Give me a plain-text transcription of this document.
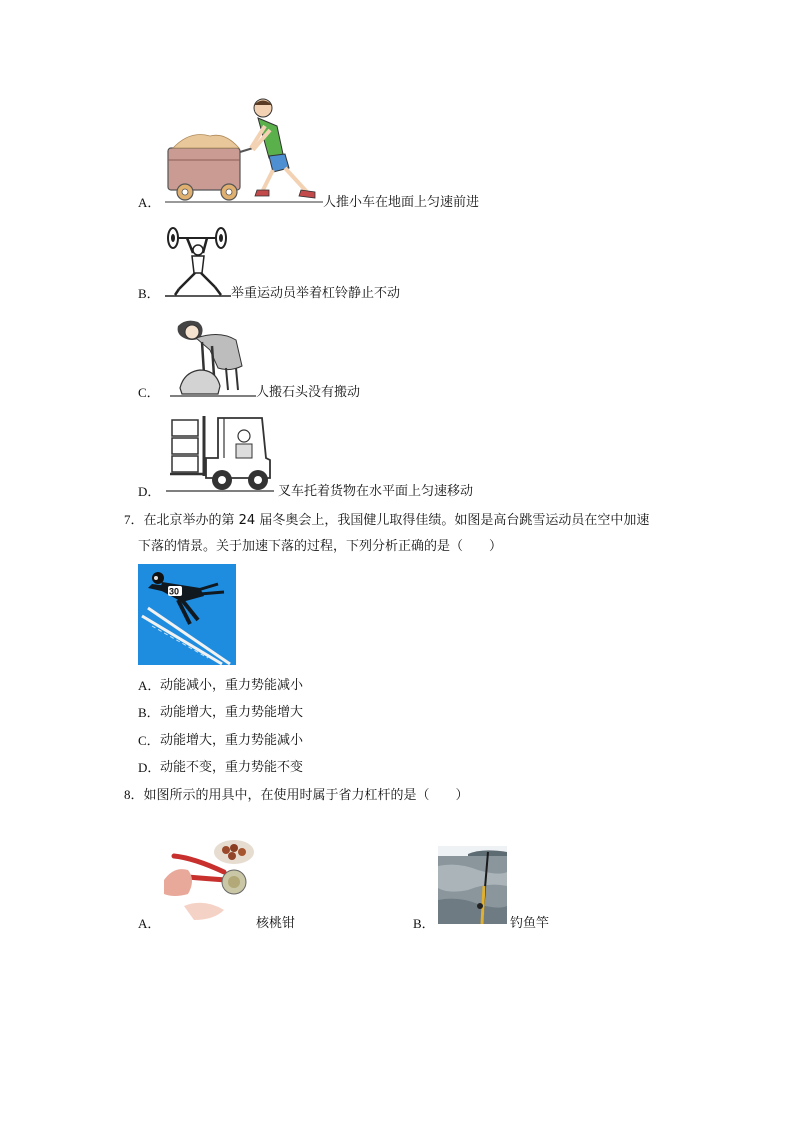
A．	人推小车在地面上匀速前进
B．	举重运动员举着杠铃静止不动
C．	人搬石头没有搬动
D．	叉车托着货物在水平面上匀速移动
7．在北京举办的第 24 届冬奥会上，我国健儿取得佳绩。如图是高台跳雪运动员在空中加速
下落的情景。关于加速下落的过程，下列分析正确的是（　　）
30
A． 动能减小，重力势能减小
B． 动能增大，重力势能增大
C． 动能增大，重力势能减小
D． 动能不变，重力势能不变
8．如图所示的用具中，在使用时属于省力杠杆的是（　　）
A．	核桃钳	B．	钓鱼竿
